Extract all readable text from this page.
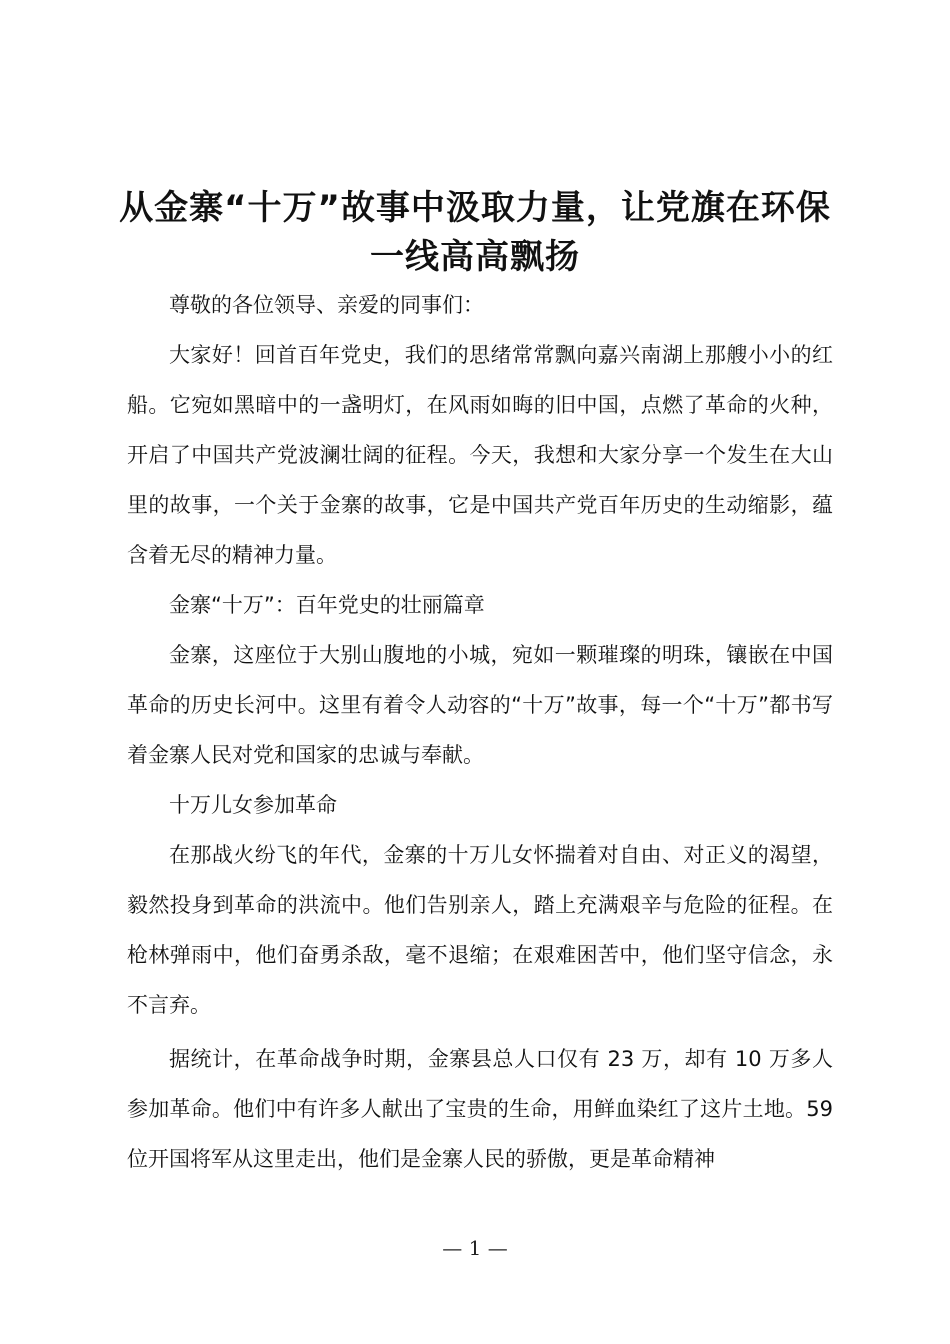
从金寨“十万”故事中汲取力量，让党旗在环保一线高高飘扬

尊敬的各位领导、亲爱的同事们：

大家好！回首百年党史，我们的思绪常常飘向嘉兴南湖上那艘小小的红船。它宛如黑暗中的一盏明灯，在风雨如晦的旧中国，点燃了革命的火种，开启了中国共产党波澜壮阔的征程。今天，我想和大家分享一个发生在大山里的故事，一个关于金寨的故事，它是中国共产党百年历史的生动缩影，蕴含着无尽的精神力量。

金寨“十万”：百年党史的壮丽篇章

金寨，这座位于大别山腹地的小城，宛如一颗璀璨的明珠，镶嵌在中国革命的历史长河中。这里有着令人动容的“十万”故事，每一个“十万”都书写着金寨人民对党和国家的忠诚与奉献。

十万儿女参加革命

在那战火纷飞的年代，金寨的十万儿女怀揣着对自由、对正义的渴望，毅然投身到革命的洪流中。他们告别亲人，踏上充满艰辛与危险的征程。在枪林弹雨中，他们奋勇杀敌，毫不退缩；在艰难困苦中，他们坚守信念，永不言弃。

据统计，在革命战争时期，金寨县总人口仅有 23 万，却有 10 万多人参加革命。他们中有许多人献出了宝贵的生命，用鲜血染红了这片土地。59 位开国将军从这里走出，他们是金寨人民的骄傲，更是革命精神

— 1 —
